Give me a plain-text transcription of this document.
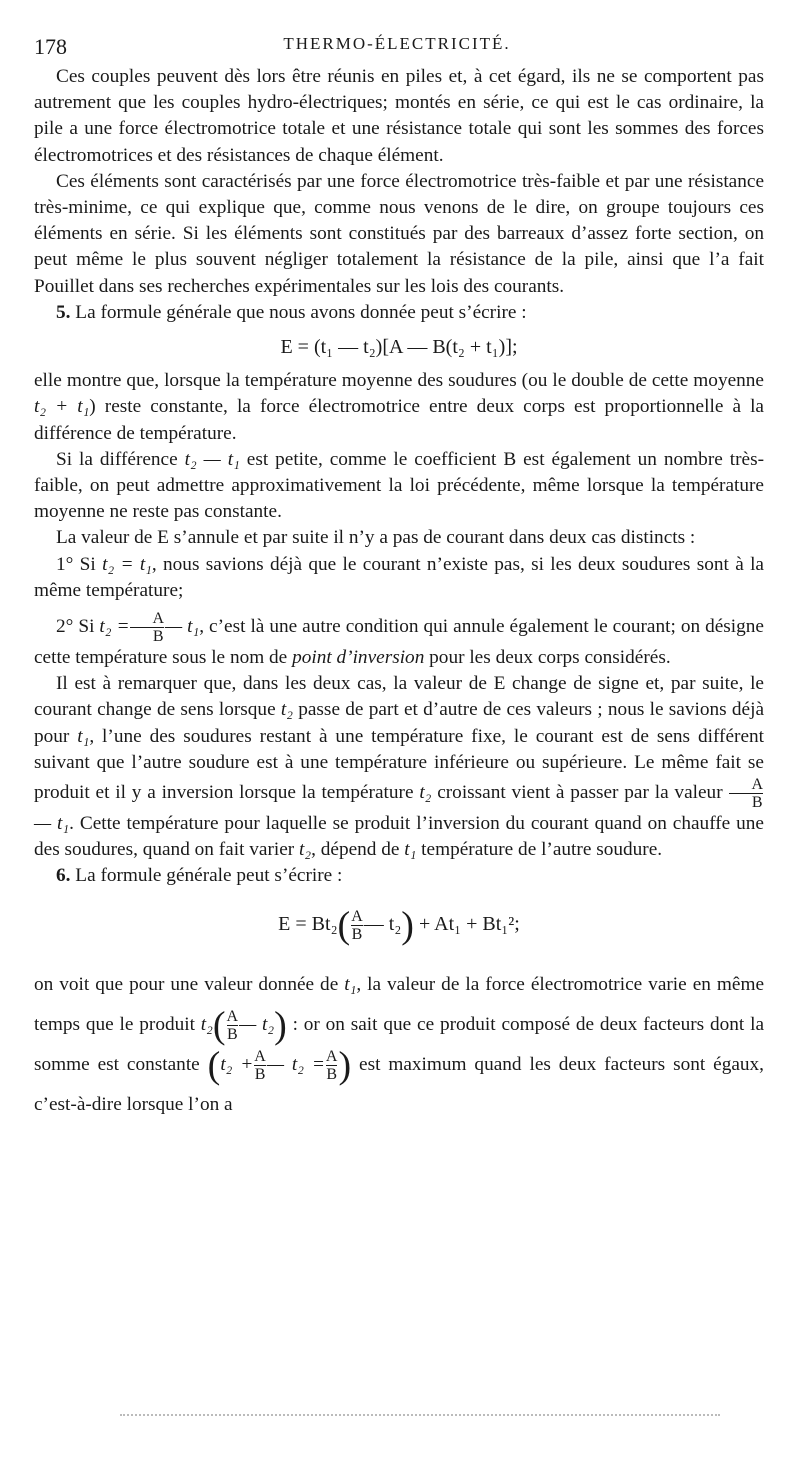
178	THERMO-ÉLECTRICITÉ.

Ces couples peuvent dès lors être réunis en piles et, à cet égard, ils ne se comportent pas autrement que les couples hydro-électriques; montés en série, ce qui est le cas ordinaire, la pile a une force électromotrice totale et une résistance totale qui sont les sommes des forces électromotrices et des résistances de chaque élément.

Ces éléments sont caractérisés par une force électromotrice très-faible et par une résistance très-minime, ce qui explique que, comme nous venons de le dire, on groupe toujours ces éléments en série. Si les éléments sont constitués par des barreaux d’assez forte section, on peut même le plus souvent négliger totalement la résistance de la pile, ainsi que l’a fait Pouillet dans ses recherches expérimentales sur les lois des courants.

5. La formule générale que nous avons donnée peut s’écrire :

E = (t₁ — t₂)[A — B(t₂ + t₁)];

elle montre que, lorsque la température moyenne des soudures (ou le double de cette moyenne t₂ + t₁) reste constante, la force électromotrice entre deux corps est proportionnelle à la différence de température.

Si la différence t₂ — t₁ est petite, comme le coefficient B est également un nombre très-faible, on peut admettre approximativement la loi précédente, même lorsque la température moyenne ne reste pas constante.

La valeur de E s’annule et par suite il n’y a pas de courant dans deux cas distincts :

1° Si t₂ = t₁, nous savions déjà que le courant n’existe pas, si les deux soudures sont à la même température;

2° Si $t_2 = \frac{A}{B}$ — t₁, c’est là une autre condition qui annule également le courant; on désigne cette température sous le nom de point d’inversion pour les deux corps considérés.

Il est à remarquer que, dans les deux cas, la valeur de E change de signe et, par suite, le courant change de sens lorsque t₂ passe de part et d’autre de ces valeurs ; nous le savions déjà pour t₁, l’une des soudures restant à une température fixe, le courant est de sens différent suivant que l’autre soudure est à une température inférieure ou supérieure. Le même fait se produit et il y a inversion lorsque la température t₂ croissant vient à passer par la valeur $\frac{A}{B}$
— t₁. Cette température pour laquelle se produit l’inversion du courant quand on chauffe une des soudures, quand on fait varier t₂, dépend de t₁ température de l’autre soudure.

6. La formule générale peut s’écrire :

$E = Bt_2( \frac{A}{B}$ — t₂) + At₁ + Bt₁²;

on voit que pour une valeur donnée de t₁, la valeur de la force électromotrice varie en même temps que le produit $t_2( \frac{A}{B}$ — t₂) : or on sait que ce produit composé de deux facteurs dont la somme est constante ($t_2 + \frac{A}{B}$ — $t_2 = \frac{A}{B}$ ) est maximum quand les deux facteurs sont égaux, c’est-à-dire lorsque l’on a
